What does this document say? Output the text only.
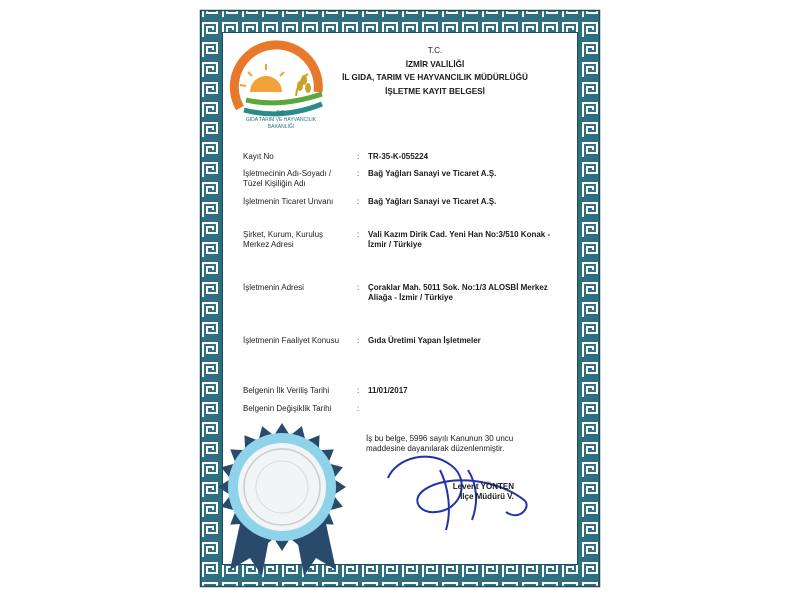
T.C.
İZMİR VALİLİĞİ
İL GIDA, TARIM VE HAYVANCILIK MÜDÜRLÜĞÜ
İŞLETME KAYIT BELGESİ
T.C.
GIDA TARIM VE HAYVANCILIK
BAKANLIĞI
Kayıt No	: TR-35-K-055224
İşletmecinin Adı-Soyadı /
Tüzel Kişiliğin Adı
: Bağ Yağları Sanayi ve Ticaret A.Ş.
İşletmenin Ticaret Unvanı	: Bağ Yağları Sanayi ve Ticaret A.Ş.
Şirket, Kurum, Kuruluş
Merkez Adresi
: Vali Kazım Dirik Cad. Yeni Han No:3/510 Konak -
İzmir / Türkiye
İşletmenin Adresi	: Çoraklar Mah. 5011 Sok. No:1/3 ALOSBİ Merkez
Aliağa - İzmir / Türkiye
İşletmenin Faaliyet Konusu : Gıda Üretimi Yapan İşletmeler
Belgenin İlk Veriliş Tarihi	: 11/01/2017
Belgenin Değişiklik Tarihi	:
İş bu belge, 5996 sayılı Kanunun 30 uncu
maddesine dayanılarak düzenlenmiştir.
Levent YÖNTEN
İlçe Müdürü V.
